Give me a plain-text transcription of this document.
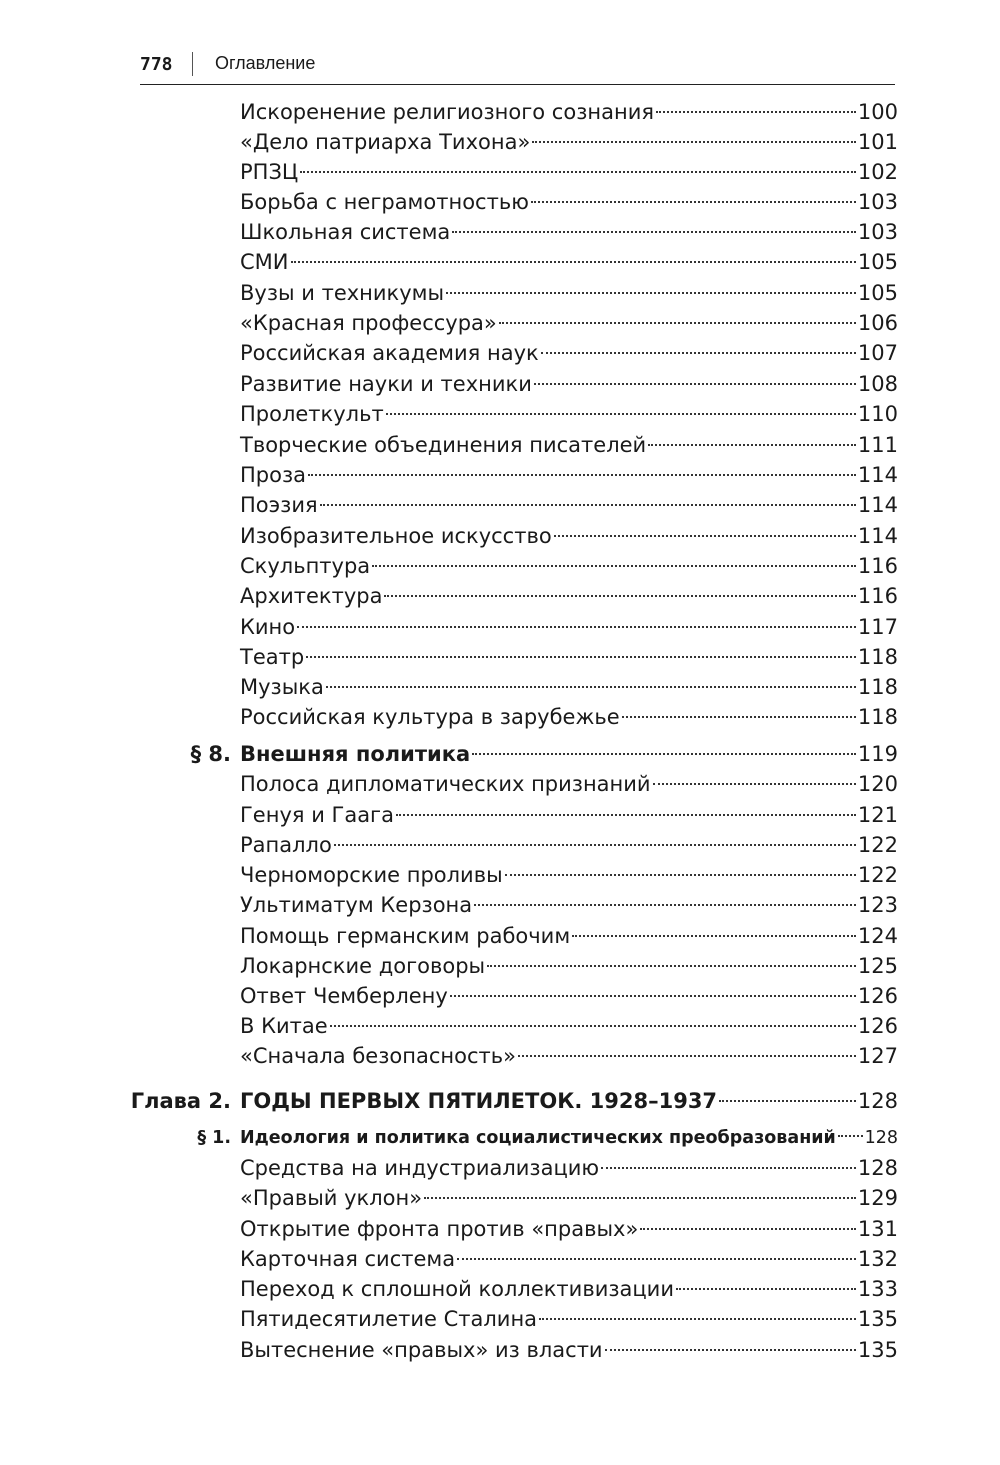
778 Оглавление
Искоренение религиозного сознания	100
«Дело патриарха Тихона»	101
РПЗЦ	102
Борьба с неграмотностью	103
Школьная система	103
СМИ	105
Вузы и техникумы	105
«Красная профессура»	106
Российская академия наук	107
Развитие науки и техники	108
Пролеткульт	110
Творческие объединения писателей	111
Проза	114
Поэзия	114
Изобразительное искусство	114
Скульптура	116
Архитектура	116
Кино	117
Театр	118
Музыка	118
Российская культура в зарубежье	118
§ 8. Внешняя политика	119
Полоса дипломатических признаний	120
Генуя и Гаага	121
Рапалло	122
Черноморские проливы	122
Ультиматум Керзона	123
Помощь германским рабочим	124
Локарнские договоры	125
Ответ Чемберлену	126
В Китае	126
«Сначала безопасность»	127
Глава 2. ГОДЫ ПЕРВЫХ ПЯТИЛЕТОК. 1928–1937	128
§ 1. Идеология и политика социалистических преобразований 128
Средства на индустриализацию	128
«Правый уклон»	129
Открытие фронта против «правых»	131
Карточная система	132
Переход к сплошной коллективизации	133
Пятидесятилетие Сталина	135
Вытеснение «правых» из власти	135
